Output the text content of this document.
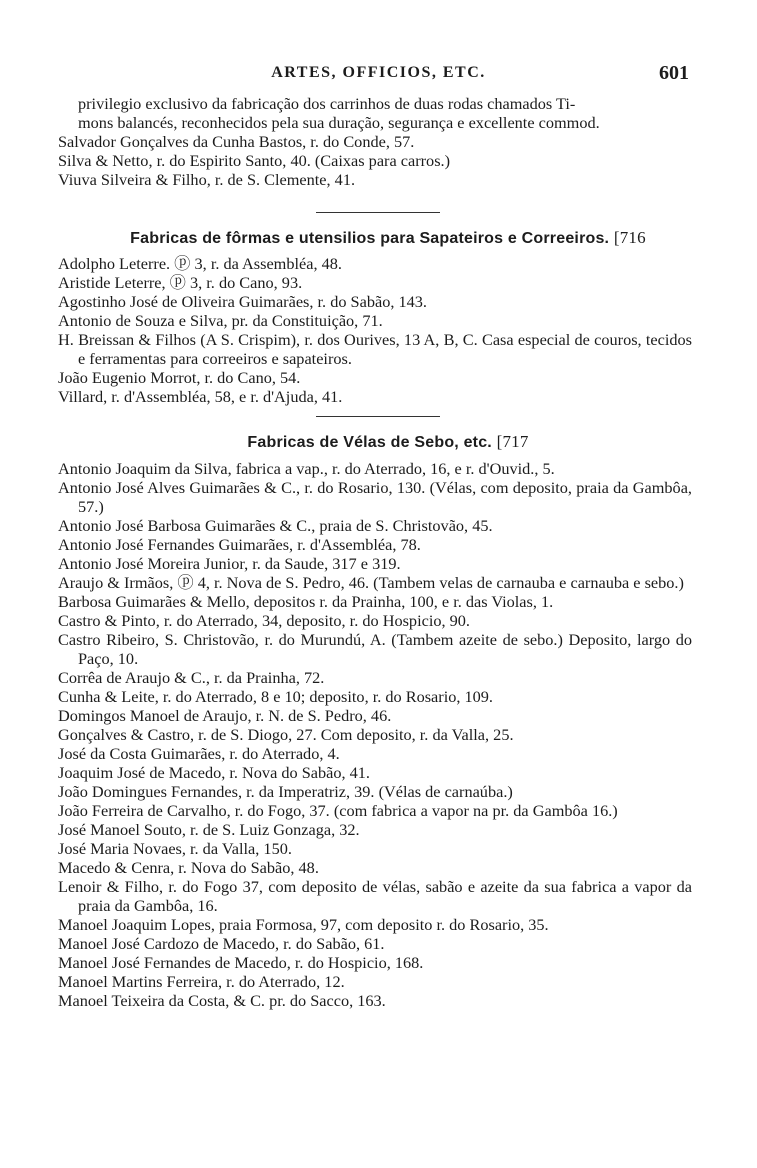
ARTES, OFFICIOS, ETC.	601

privilegio exclusivo da fabricação dos carrinhos de duas rodas chamados Ti-

mons balancés, reconhecidos pela sua duração, segurança e excellente commod.

Salvador Gonçalves da Cunha Bastos, r. do Conde, 57.

Silva & Netto, r. do Espirito Santo, 40. (Caixas para carros.)

Viuva Silveira & Filho, r. de S. Clemente, 41.

Fabricas de fôrmas e utensilios para Sapateiros e Correeiros. [716

Adolpho Leterre. ⓟ 3, r. da Assembléa, 48.

Aristide Leterre, ⓟ 3, r. do Cano, 93.

Agostinho José de Oliveira Guimarães, r. do Sabão, 143.

Antonio de Souza e Silva, pr. da Constituição, 71.

H. Breissan & Filhos (A S. Crispim), r. dos Ourives, 13 A, B, C. Casa especial de couros, tecidos e ferramentas para correeiros e sapateiros.

João Eugenio Morrot, r. do Cano, 54.

Villard, r. d'Assembléa, 58, e r. d'Ajuda, 41.

Fabricas de Vélas de Sebo, etc. [717

Antonio Joaquim da Silva, fabrica a vap., r. do Aterrado, 16, e r. d'Ouvid., 5.

Antonio José Alves Guimarães & C., r. do Rosario, 130. (Vélas, com deposito, praia da Gambôa, 57.)

Antonio José Barbosa Guimarães & C., praia de S. Christovão, 45.

Antonio José Fernandes Guimarães, r. d'Assembléa, 78.

Antonio José Moreira Junior, r. da Saude, 317 e 319.

Araujo & Irmãos, ⓟ 4, r. Nova de S. Pedro, 46. (Tambem velas de carnauba e carnauba e sebo.)

Barbosa Guimarães & Mello, depositos r. da Prainha, 100, e r. das Violas, 1.

Castro & Pinto, r. do Aterrado, 34, deposito, r. do Hospicio, 90.

Castro Ribeiro, S. Christovão, r. do Murundú, A. (Tambem azeite de sebo.) Deposito, largo do Paço, 10.

Corrêa de Araujo & C., r. da Prainha, 72.

Cunha & Leite, r. do Aterrado, 8 e 10; deposito, r. do Rosario, 109.

Domingos Manoel de Araujo, r. N. de S. Pedro, 46.

Gonçalves & Castro, r. de S. Diogo, 27. Com deposito, r. da Valla, 25.

José da Costa Guimarães, r. do Aterrado, 4.

Joaquim José de Macedo, r. Nova do Sabão, 41.

João Domingues Fernandes, r. da Imperatriz, 39. (Vélas de carnaúba.)

João Ferreira de Carvalho, r. do Fogo, 37. (com fabrica a vapor na pr. da Gambôa 16.)

José Manoel Souto, r. de S. Luiz Gonzaga, 32.

José Maria Novaes, r. da Valla, 150.

Macedo & Cenra, r. Nova do Sabão, 48.

Lenoir & Filho, r. do Fogo 37, com deposito de vélas, sabão e azeite da sua fabrica a vapor da praia da Gambôa, 16.

Manoel Joaquim Lopes, praia Formosa, 97, com deposito r. do Rosario, 35.

Manoel José Cardozo de Macedo, r. do Sabão, 61.

Manoel José Fernandes de Macedo, r. do Hospicio, 168.

Manoel Martins Ferreira, r. do Aterrado, 12.

Manoel Teixeira da Costa, & C. pr. do Sacco, 163.
